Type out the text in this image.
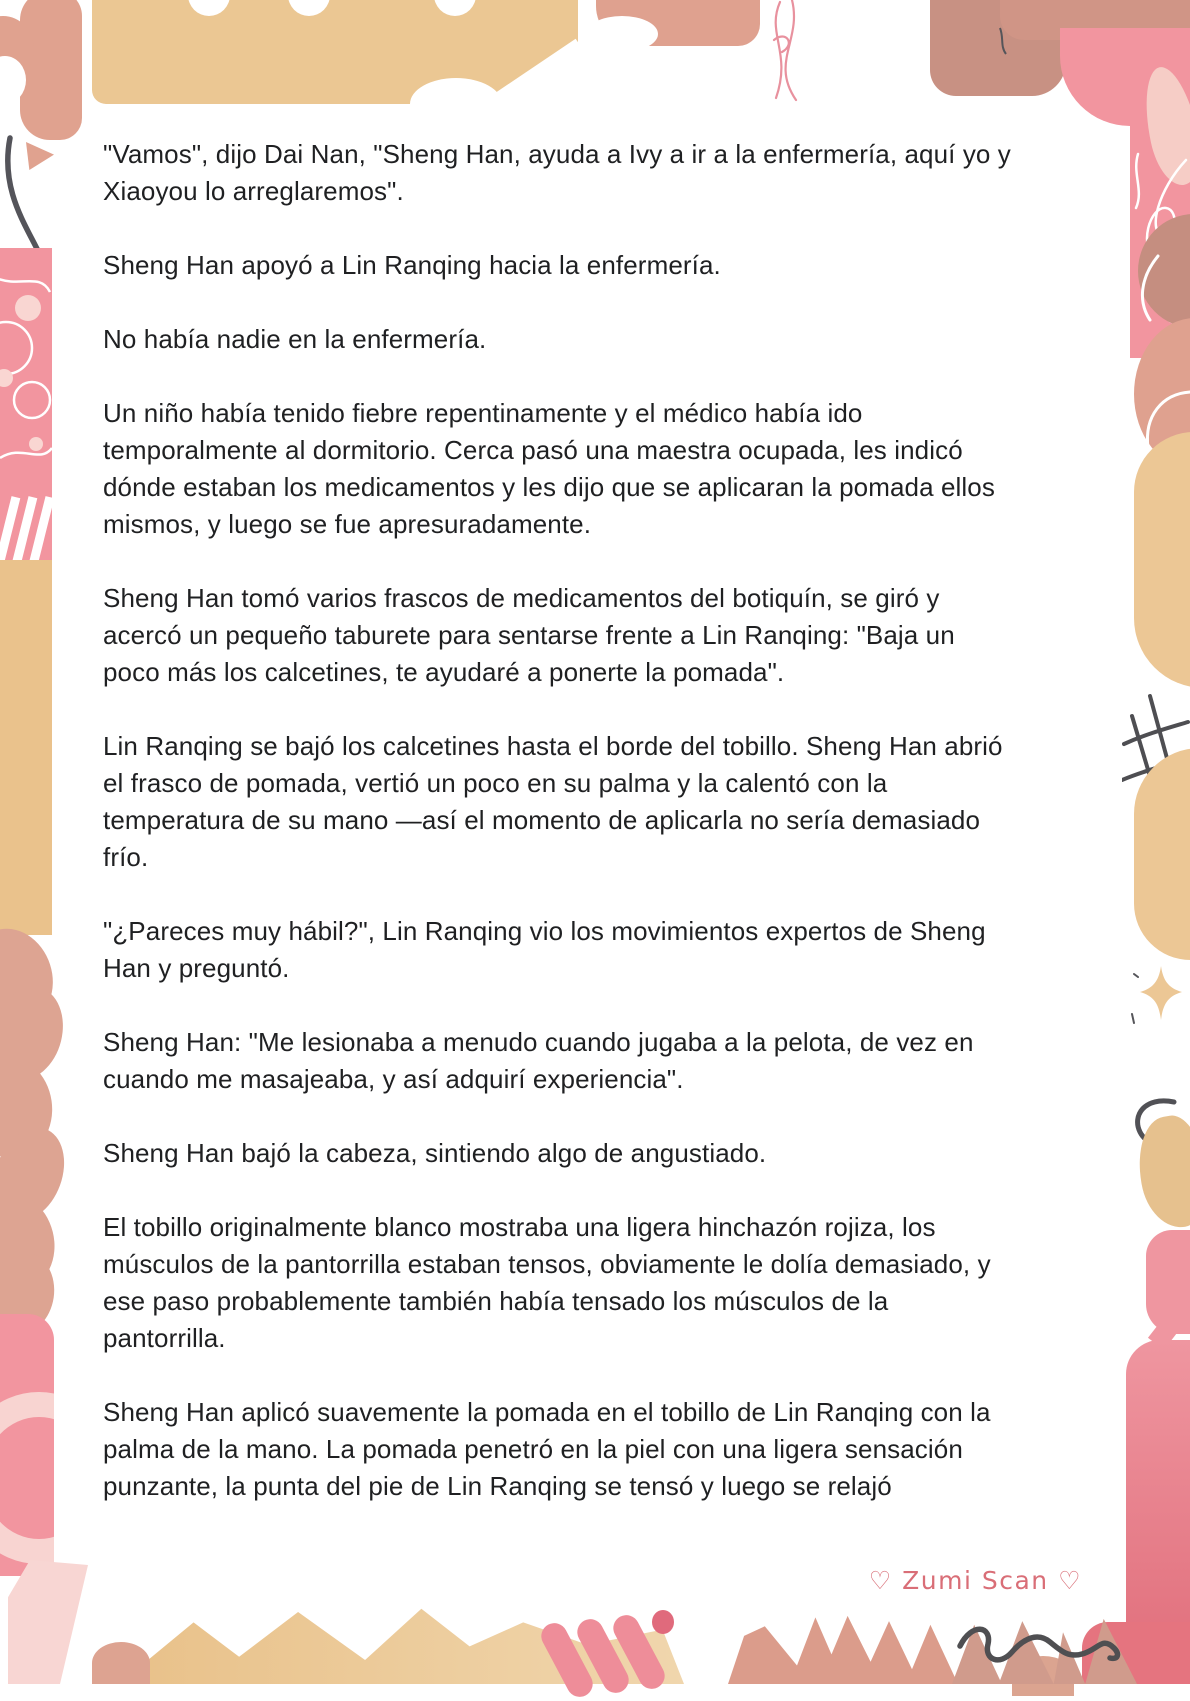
"Vamos", dijo Dai Nan, "Sheng Han, ayuda a Ivy a ir a la enfermería, aquí yo y Xiaoyou lo arreglaremos".

Sheng Han apoyó a Lin Ranqing hacia la enfermería.

No había nadie en la enfermería.

Un niño había tenido fiebre repentinamente y el médico había ido temporalmente al dormitorio. Cerca pasó una maestra ocupada, les indicó dónde estaban los medicamentos y les dijo que se aplicaran la pomada ellos mismos, y luego se fue apresuradamente.

Sheng Han tomó varios frascos de medicamentos del botiquín, se giró y acercó un pequeño taburete para sentarse frente a Lin Ranqing: "Baja un poco más los calcetines, te ayudaré a ponerte la pomada".

Lin Ranqing se bajó los calcetines hasta el borde del tobillo. Sheng Han abrió el frasco de pomada, vertió un poco en su palma y la calentó con la temperatura de su mano —así el momento de aplicarla no sería demasiado frío.

"¿Pareces muy hábil?", Lin Ranqing vio los movimientos expertos de Sheng Han y preguntó.

Sheng Han: "Me lesionaba a menudo cuando jugaba a la pelota, de vez en cuando me masajeaba, y así adquirí experiencia".

Sheng Han bajó la cabeza, sintiendo algo de angustiado.

El tobillo originalmente blanco mostraba una ligera hinchazón rojiza, los músculos de la pantorrilla estaban tensos, obviamente le dolía demasiado, y ese paso probablemente también había tensado los músculos de la pantorrilla.

Sheng Han aplicó suavemente la pomada en el tobillo de Lin Ranqing con la palma de la mano. La pomada penetró en la piel con una ligera sensación punzante, la punta del pie de Lin Ranqing se tensó y luego se relajó

♡ Zumi Scan ♡
